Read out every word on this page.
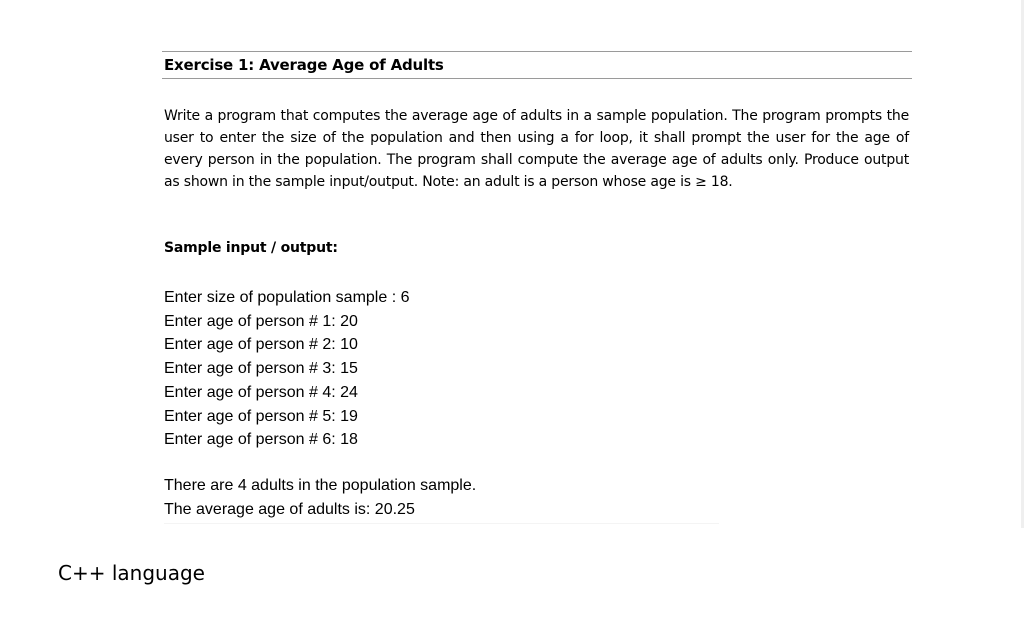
Exercise 1: Average Age of Adults

Write a program that computes the average age of adults in a sample population. The program prompts the user to enter the size of the population and then using a for loop, it shall prompt the user for the age of every person in the population. The program shall compute the average age of adults only. Produce output as shown in the sample input/output. Note: an adult is a person whose age is ≥ 18.

Sample input / output:
Enter size of population sample : 6
Enter age of person # 1: 20
Enter age of person # 2: 10
Enter age of person # 3: 15
Enter age of person # 4: 24
Enter age of person # 5: 19
Enter age of person # 6: 18
There are 4 adults in the population sample.
The average age of adults is: 20.25
C++ language
